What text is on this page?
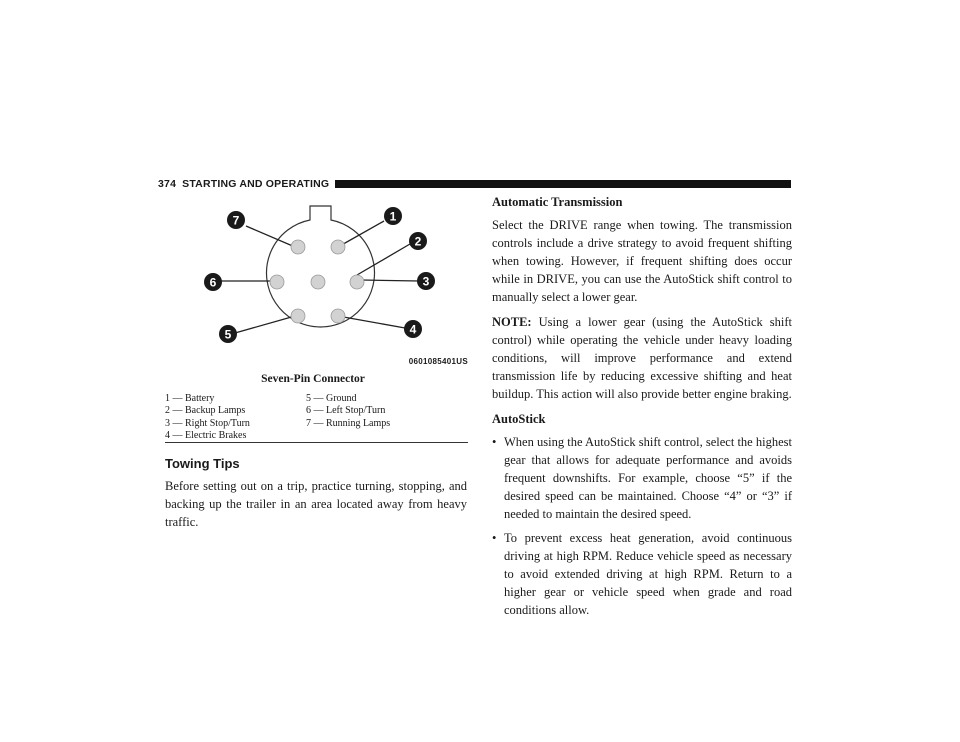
374 STARTING AND OPERATING
7	1
2
3
4
5
6
0601085401US
Seven-Pin Connector
1 — Battery
2 — Backup Lamps
3 — Right Stop/Turn
4 — Electric Brakes
5 — Ground
6 — Left Stop/Turn
7 — Running Lamps
Towing Tips
Before setting out on a trip, practice turning, stopping, and backing up the trailer in an area located away from heavy traffic.
Automatic Transmission

Select the DRIVE range when towing. The transmission controls include a drive strategy to avoid frequent shifting when towing. However, if frequent shifting does occur while in DRIVE, you can use the AutoStick shift control to manually select a lower gear.

NOTE: Using a lower gear (using the AutoStick shift control) while operating the vehicle under heavy loading conditions, will improve performance and extend transmission life by reducing excessive shifting and heat buildup. This action will also provide better engine braking.

AutoStick
• When using the AutoStick shift control, select the highest gear that allows for adequate performance and avoids frequent downshifts. For example, choose “5” if the desired speed can be maintained. Choose “4” or “3” if needed to maintain the desired speed.
• To prevent excess heat generation, avoid continuous driving at high RPM. Reduce vehicle speed as necessary to avoid extended driving at high RPM. Return to a higher gear or vehicle speed when grade and road conditions allow.
